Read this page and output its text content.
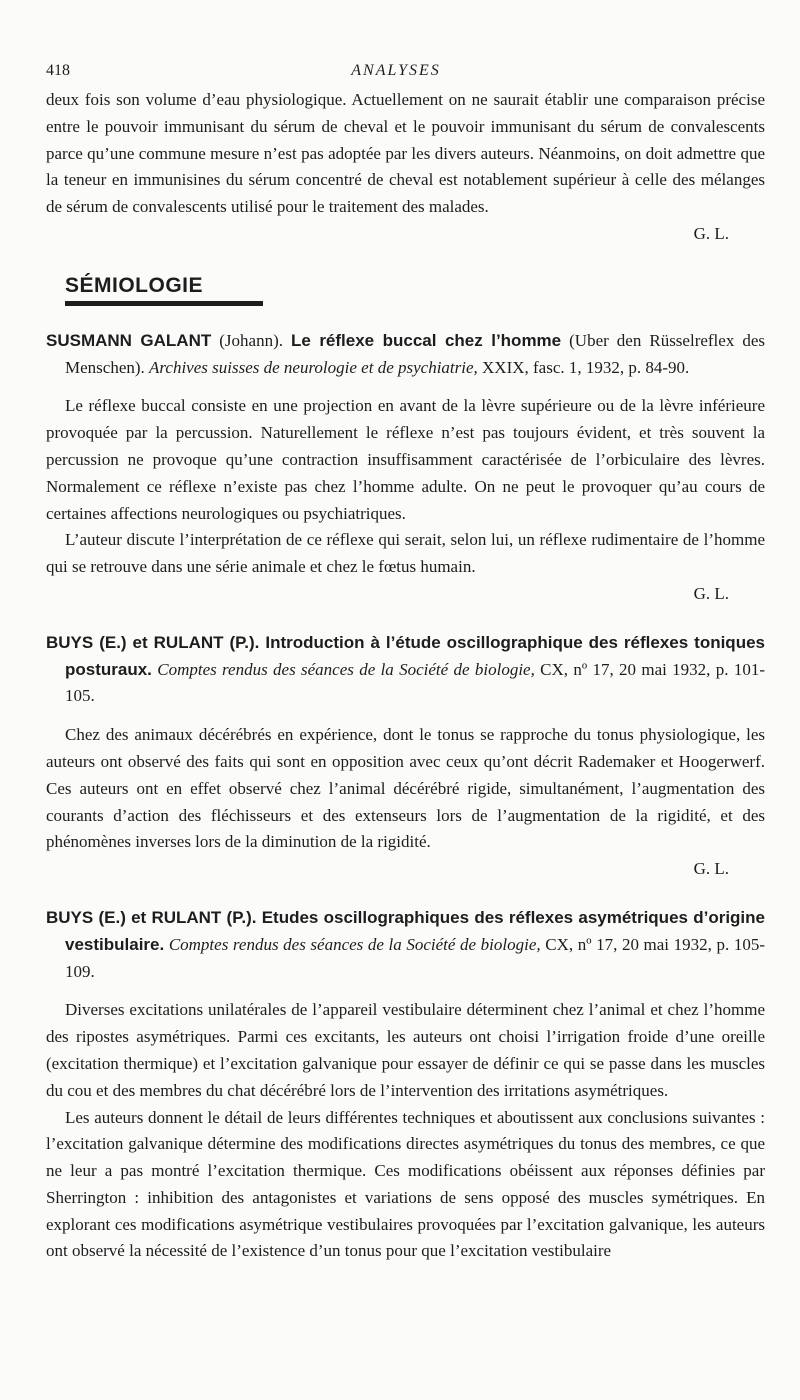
418	ANALYSES

deux fois son volume d’eau physiologique. Actuellement on ne saurait établir une comparaison précise entre le pouvoir immunisant du sérum de cheval et le pouvoir immunisant du sérum de convalescents parce qu’une commune mesure n’est pas adoptée par les divers auteurs. Néanmoins, on doit admettre que la teneur en immunisines du sérum concentré de cheval est notablement supérieur à celle des mélanges de sérum de convalescents utilisé pour le traitement des malades.

G. L.

SÉMIOLOGIE

SUSMANN GALANT (Johann). Le réflexe buccal chez l’homme (Uber den Rüsselreflex des Menschen). Archives suisses de neurologie et de psychiatrie, XXIX, fasc. 1, 1932, p. 84-90.

Le réflexe buccal consiste en une projection en avant de la lèvre supérieure ou de la lèvre inférieure provoquée par la percussion. Naturellement le réflexe n’est pas toujours évident, et très souvent la percussion ne provoque qu’une contraction insuffisamment caractérisée de l’orbiculaire des lèvres. Normalement ce réflexe n’existe pas chez l’homme adulte. On ne peut le provoquer qu’au cours de certaines affections neurologiques ou psychiatriques.

L’auteur discute l’interprétation de ce réflexe qui serait, selon lui, un réflexe rudimentaire de l’homme qui se retrouve dans une série animale et chez le fœtus humain.

G. L.

BUYS (E.) et RULANT (P.). Introduction à l’étude oscillographique des réflexes toniques posturaux. Comptes rendus des séances de la Société de biologie, CX, nº 17, 20 mai 1932, p. 101-105.

Chez des animaux décérébrés en expérience, dont le tonus se rapproche du tonus physiologique, les auteurs ont observé des faits qui sont en opposition avec ceux qu’ont décrit Rademaker et Hoogerwerf. Ces auteurs ont en effet observé chez l’animal décérébré rigide, simultanément, l’augmentation des courants d’action des fléchisseurs et des extenseurs lors de l’augmentation de la rigidité, et des phénomènes inverses lors de la diminution de la rigidité.

G. L.

BUYS (E.) et RULANT (P.). Etudes oscillographiques des réflexes asymétriques d’origine vestibulaire. Comptes rendus des séances de la Société de biologie, CX, nº 17, 20 mai 1932, p. 105-109.

Diverses excitations unilatérales de l’appareil vestibulaire déterminent chez l’animal et chez l’homme des ripostes asymétriques. Parmi ces excitants, les auteurs ont choisi l’irrigation froide d’une oreille (excitation thermique) et l’excitation galvanique pour essayer de définir ce qui se passe dans les muscles du cou et des membres du chat décérébré lors de l’intervention des irritations asymétriques.

Les auteurs donnent le détail de leurs différentes techniques et aboutissent aux conclusions suivantes : l’excitation galvanique détermine des modifications directes asymétriques du tonus des membres, ce que ne leur a pas montré l’excitation thermique. Ces modifications obéissent aux réponses définies par Sherrington : inhibition des antagonistes et variations de sens opposé des muscles symétriques. En explorant ces modifications asymétrique vestibulaires provoquées par l’excitation galvanique, les auteurs ont observé la nécessité de l’existence d’un tonus pour que l’excitation vestibulaire
